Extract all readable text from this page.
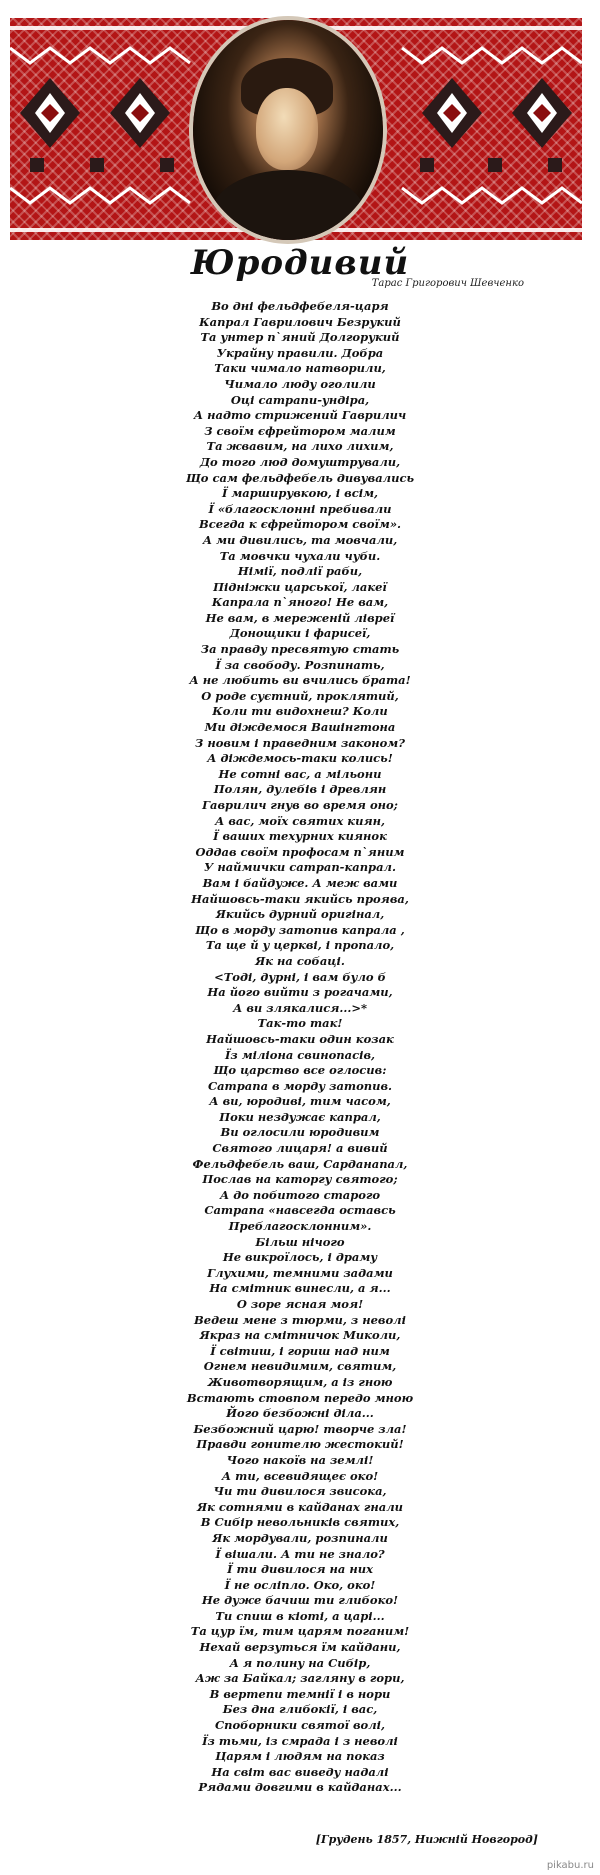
Юродивий
Тарас Григорович Шевченко
Во дні фельдфебеля-царя
Капрал Гаврилович Безрукий
Та унтер п`яний Долгорукий
Украйну правили. Добра
Таки чимало натворили,
Чимало люду оголили
Оці сатрапи-ундіра,
А надто стрижений Гаврилич
З своїм єфрейтором малим
Та жвавим, на лихо лихим,
До того люд домуштрували,
Що сам фельдфебель дивувались
Ї марширувкою, і всім,
Ї «благосклонні пребивали
Всегда к єфрейтором своїм».
А ми дивились, та мовчали,
Та мовчки чухали чуби.
Німії, подлії раби,
Підніжки царської, лакеї
Капрала п`яного! Не вам,
Не вам, в мереженій лівреї
Донощики і фарисеї,
За правду пресвятую стать
Ї за свободу. Розпинать,
А не любить ви вчились брата!
О роде суєтний, проклятий,
Коли ти видохнеш? Коли
Ми діждемося Вашінгтона
З новим і праведним законом?
А діждемось-таки колись!
Не сотні вас, а мільони
Полян, дулебів і древлян
Гаврилич гнув во время оно;
А вас, моїх святих киян,
Ї ваших техурних киянок
Оддав своїм профосам п`яним
У наймички сатрап-капрал.
Вам і байдуже. А меж вами
Найшовсь-таки якийсь проява,
Якийсь дурний оригінал,
Що в морду затопив капрала ,
Та ще й у церкві, і пропало,
Як на собаці.
<Тоді, дурні, і вам було б
На його вийти з рогачами,
А ви злякалися...>*
Так-то так!
Найшовсь-таки один козак
Їз міліона свинопасів,
Що царство все оглосив:
Сатрапа в морду затопив.
А ви, юродиві, тим часом,
Поки нездужає капрал,
Ви оглосили юродивим
Святого лицаря! а вивий
Фельдфебель ваш, Сарданапал,
Послав на каторгу святого;
А до побитого старого
Сатрапа «навсегда оставсь
Преблагосклонним».
Більш нічого
Не викроїлось, і драму
Глухими, темними задами
На смітник винесли, а я...
О зоре ясная моя!
Ведеш мене з тюрми, з неволі
Якраз на смітничок Миколи,
Ї світиш, і гориш над ним
Огнем невидимим, святим,
Животворящим, а із гною
Встають стовпом передо мною
Його безбожні діла...
Безбожний царю! творче зла!
Правди гонителю жестокий!
Чого накоїв на землі!
А ти, всевидящеє око!
Чи ти дивилося звисока,
Як сотнями в кайданах гнали
В Сибір невольників святих,
Як мордували, розпинали
Ї вішали. А ти не знало?
Ї ти дивилося на них
Ї не осліпло. Око, око!
Не дуже бачиш ти глибоко!
Ти спиш в кіоті, а царі...
Та цур їм, тим царям поганим!
Нехай верзуться їм кайдани,
А я полину на Сибір,
Аж за Байкал; загляну в гори,
В вертепи темнії і в нори
Без дна глибокії, і вас,
Споборники святої волі,
Їз тьми, із смрада і з неволі
Царям і людям на показ
На світ вас виведу надалі
Рядами довгими в кайданах...
[Грудень 1857, Нижній Новгород]
pikabu.ru
